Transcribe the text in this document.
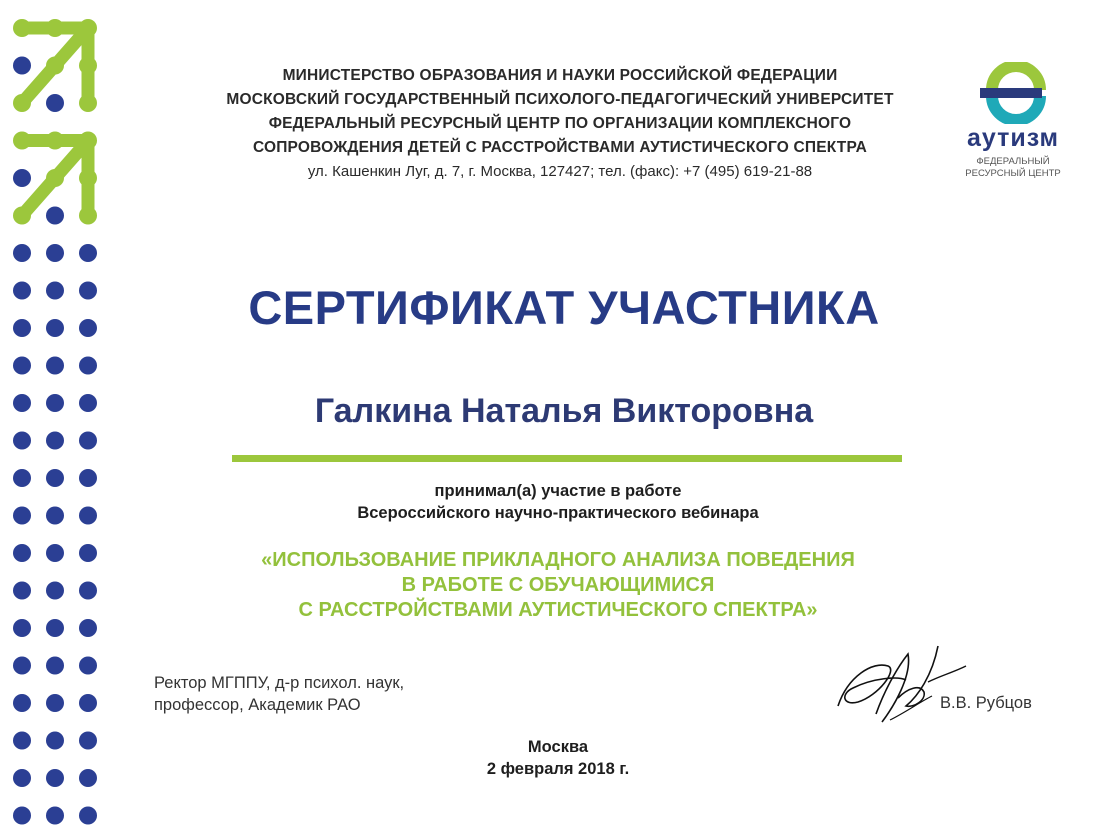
МИНИСТЕРСТВО ОБРАЗОВАНИЯ И НАУКИ РОССИЙСКОЙ ФЕДЕРАЦИИ
МОСКОВСКИЙ ГОСУДАРСТВЕННЫЙ ПСИХОЛОГО-ПЕДАГОГИЧЕСКИЙ УНИВЕРСИТЕТ
ФЕДЕРАЛЬНЫЙ РЕСУРСНЫЙ ЦЕНТР ПО ОРГАНИЗАЦИИ КОМПЛЕКСНОГО
СОПРОВОЖДЕНИЯ ДЕТЕЙ С РАССТРОЙСТВАМИ АУТИСТИЧЕСКОГО СПЕКТРА
ул. Кашенкин Луг, д. 7, г. Москва, 127427; тел. (факс): +7 (495) 619-21-88
аутизм
ФЕДЕРАЛЬНЫЙ
РЕСУРСНЫЙ ЦЕНТР
СЕРТИФИКАТ УЧАСТНИКА
Галкина Наталья Викторовна
принимал(а) участие в работе
Всероссийского научно-практического вебинара
«ИСПОЛЬЗОВАНИЕ ПРИКЛАДНОГО АНАЛИЗА ПОВЕДЕНИЯ
В РАБОТЕ С ОБУЧАЮЩИМИСЯ
С РАССТРОЙСТВАМИ АУТИСТИЧЕСКОГО СПЕКТРА»
Ректор МГППУ, д-р психол. наук,
профессор, Академик РАО	В.В. Рубцов
Москва
2 февраля 2018 г.
